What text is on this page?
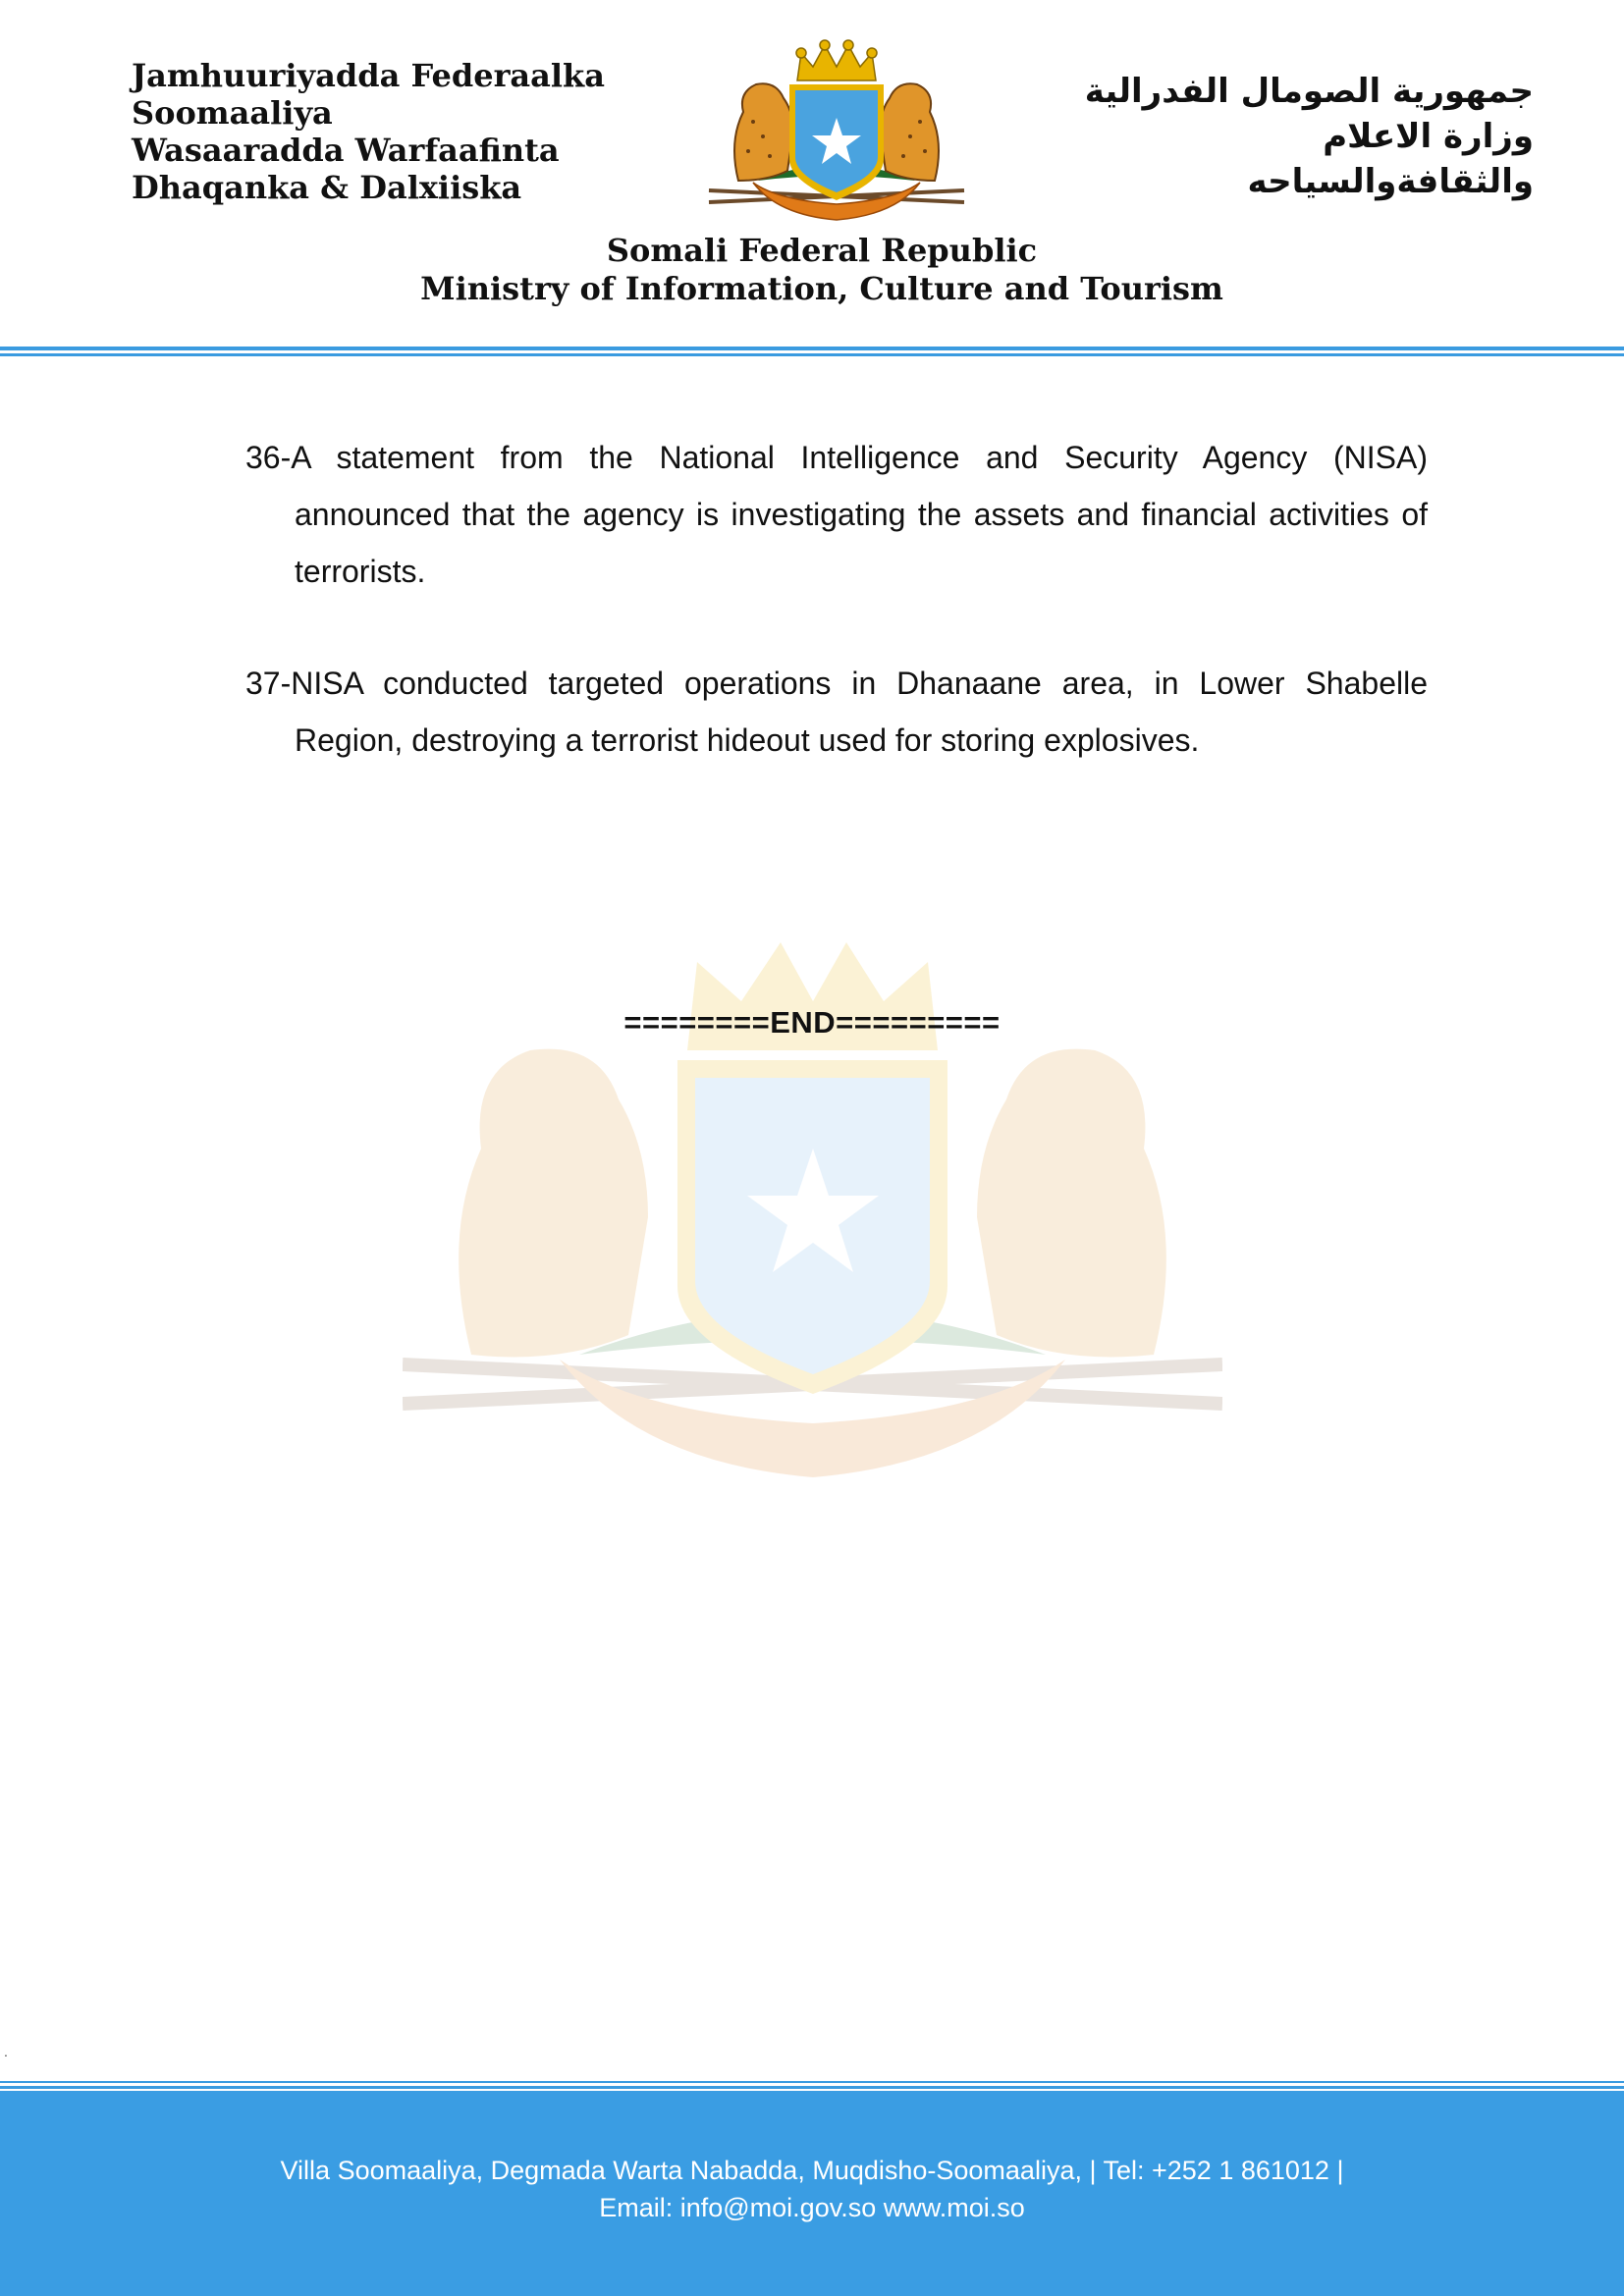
Jamhuuriyadda Federaalka
Soomaaliya
Wasaaradda Warfaafinta
Dhaqanka & Dalxiiska
جمهورية الصومال الفدرالية
وزارة الاعلام
والثقافةوالسياحه
Somali Federal Republic
Ministry of Information, Culture and Tourism

36-A statement from the National Intelligence and Security Agency (NISA) announced that the agency is investigating the assets and financial activities of terrorists.

37-NISA conducted targeted operations in Dhanaane area, in Lower Shabelle Region, destroying a terrorist hideout used for storing explosives.

========END=========
.
Villa Soomaaliya, Degmada Warta Nabadda, Muqdisho-Soomaaliya, | Tel: +252 1 861012 |
Email: info@moi.gov.so www.moi.so
